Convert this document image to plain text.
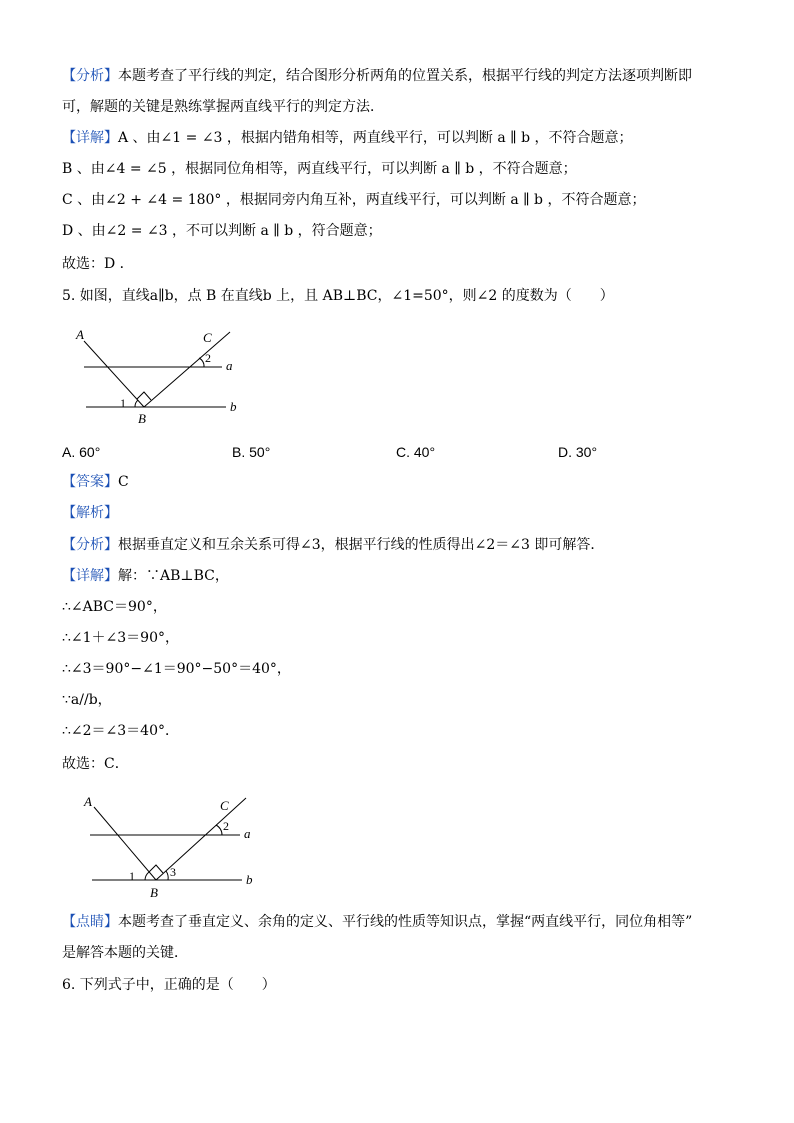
【分析】本题考查了平行线的判定，结合图形分析两角的位置关系，根据平行线的判定方法逐项判断即
可，解题的关键是熟练掌握两直线平行的判定方法．
【详解】A 、由∠1 = ∠3 ，根据内错角相等，两直线平行，可以判断 a ∥ b ，不符合题意；
B 、由∠4 = ∠5 ，根据同位角相等，两直线平行，可以判断 a ∥ b ，不符合题意；
C 、由∠2 + ∠4 = 180° ，根据同旁内角互补，两直线平行，可以判断 a ∥ b ，不符合题意；
D 、由∠2 = ∠3 ，不可以判断 a ∥ b ，符合题意；
故选：D ．
5. 如图，直线a∥b，点 B 在直线b 上，且 AB⊥BC，∠1=50°，则∠2 的度数为（　　）
A	C
a
b
B
1
2
A. 60°	B. 50°	C. 40°	D. 30°
【答案】C
【解析】
【分析】根据垂直定义和互余关系可得∠3，根据平行线的性质得出∠2＝∠3 即可解答．
【详解】解：∵AB⊥BC，
∴∠ABC＝90°，
∴∠1＋∠3＝90°，
∴∠3＝90°−∠1＝90°−50°＝40°，
∵a//b，
∴∠2＝∠3＝40°．
故选：C．
A	C
a
b
B
1	3
2
【点睛】本题考查了垂直定义、余角的定义、平行线的性质等知识点，掌握“两直线平行，同位角相等”
是解答本题的关键．
6. 下列式子中，正确的是（　　）
